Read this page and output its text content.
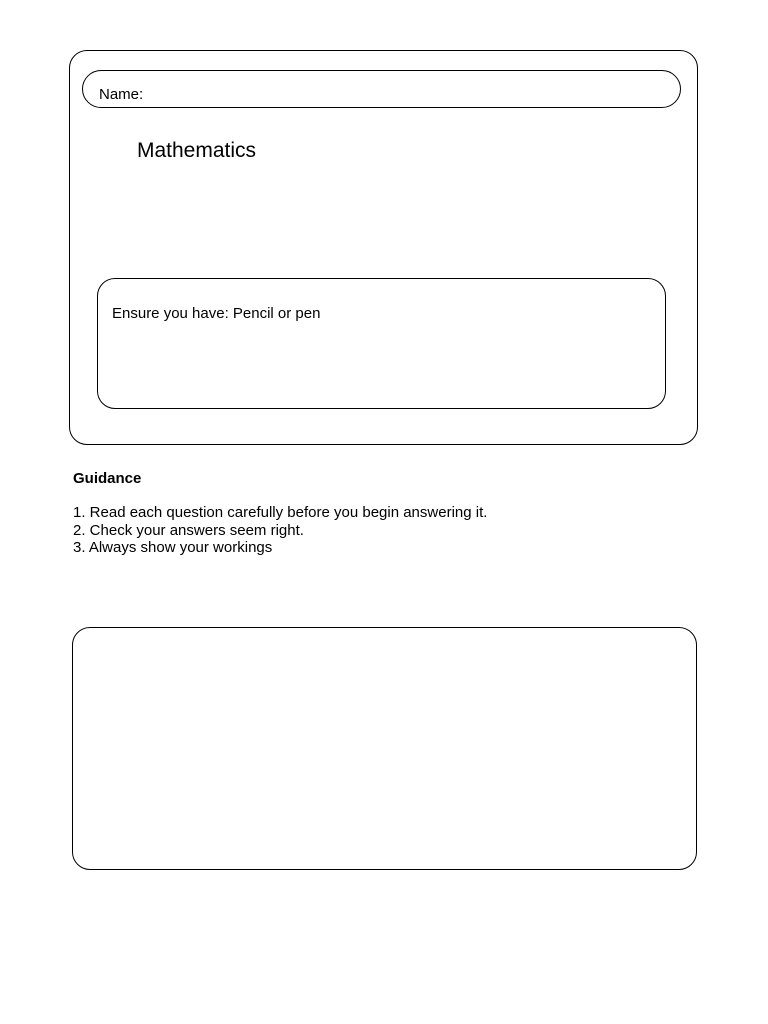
Name:
Mathematics
Ensure you have: Pencil or pen
Guidance
1. Read each question carefully before you begin answering it.
2. Check your answers seem right.
3. Always show your workings
